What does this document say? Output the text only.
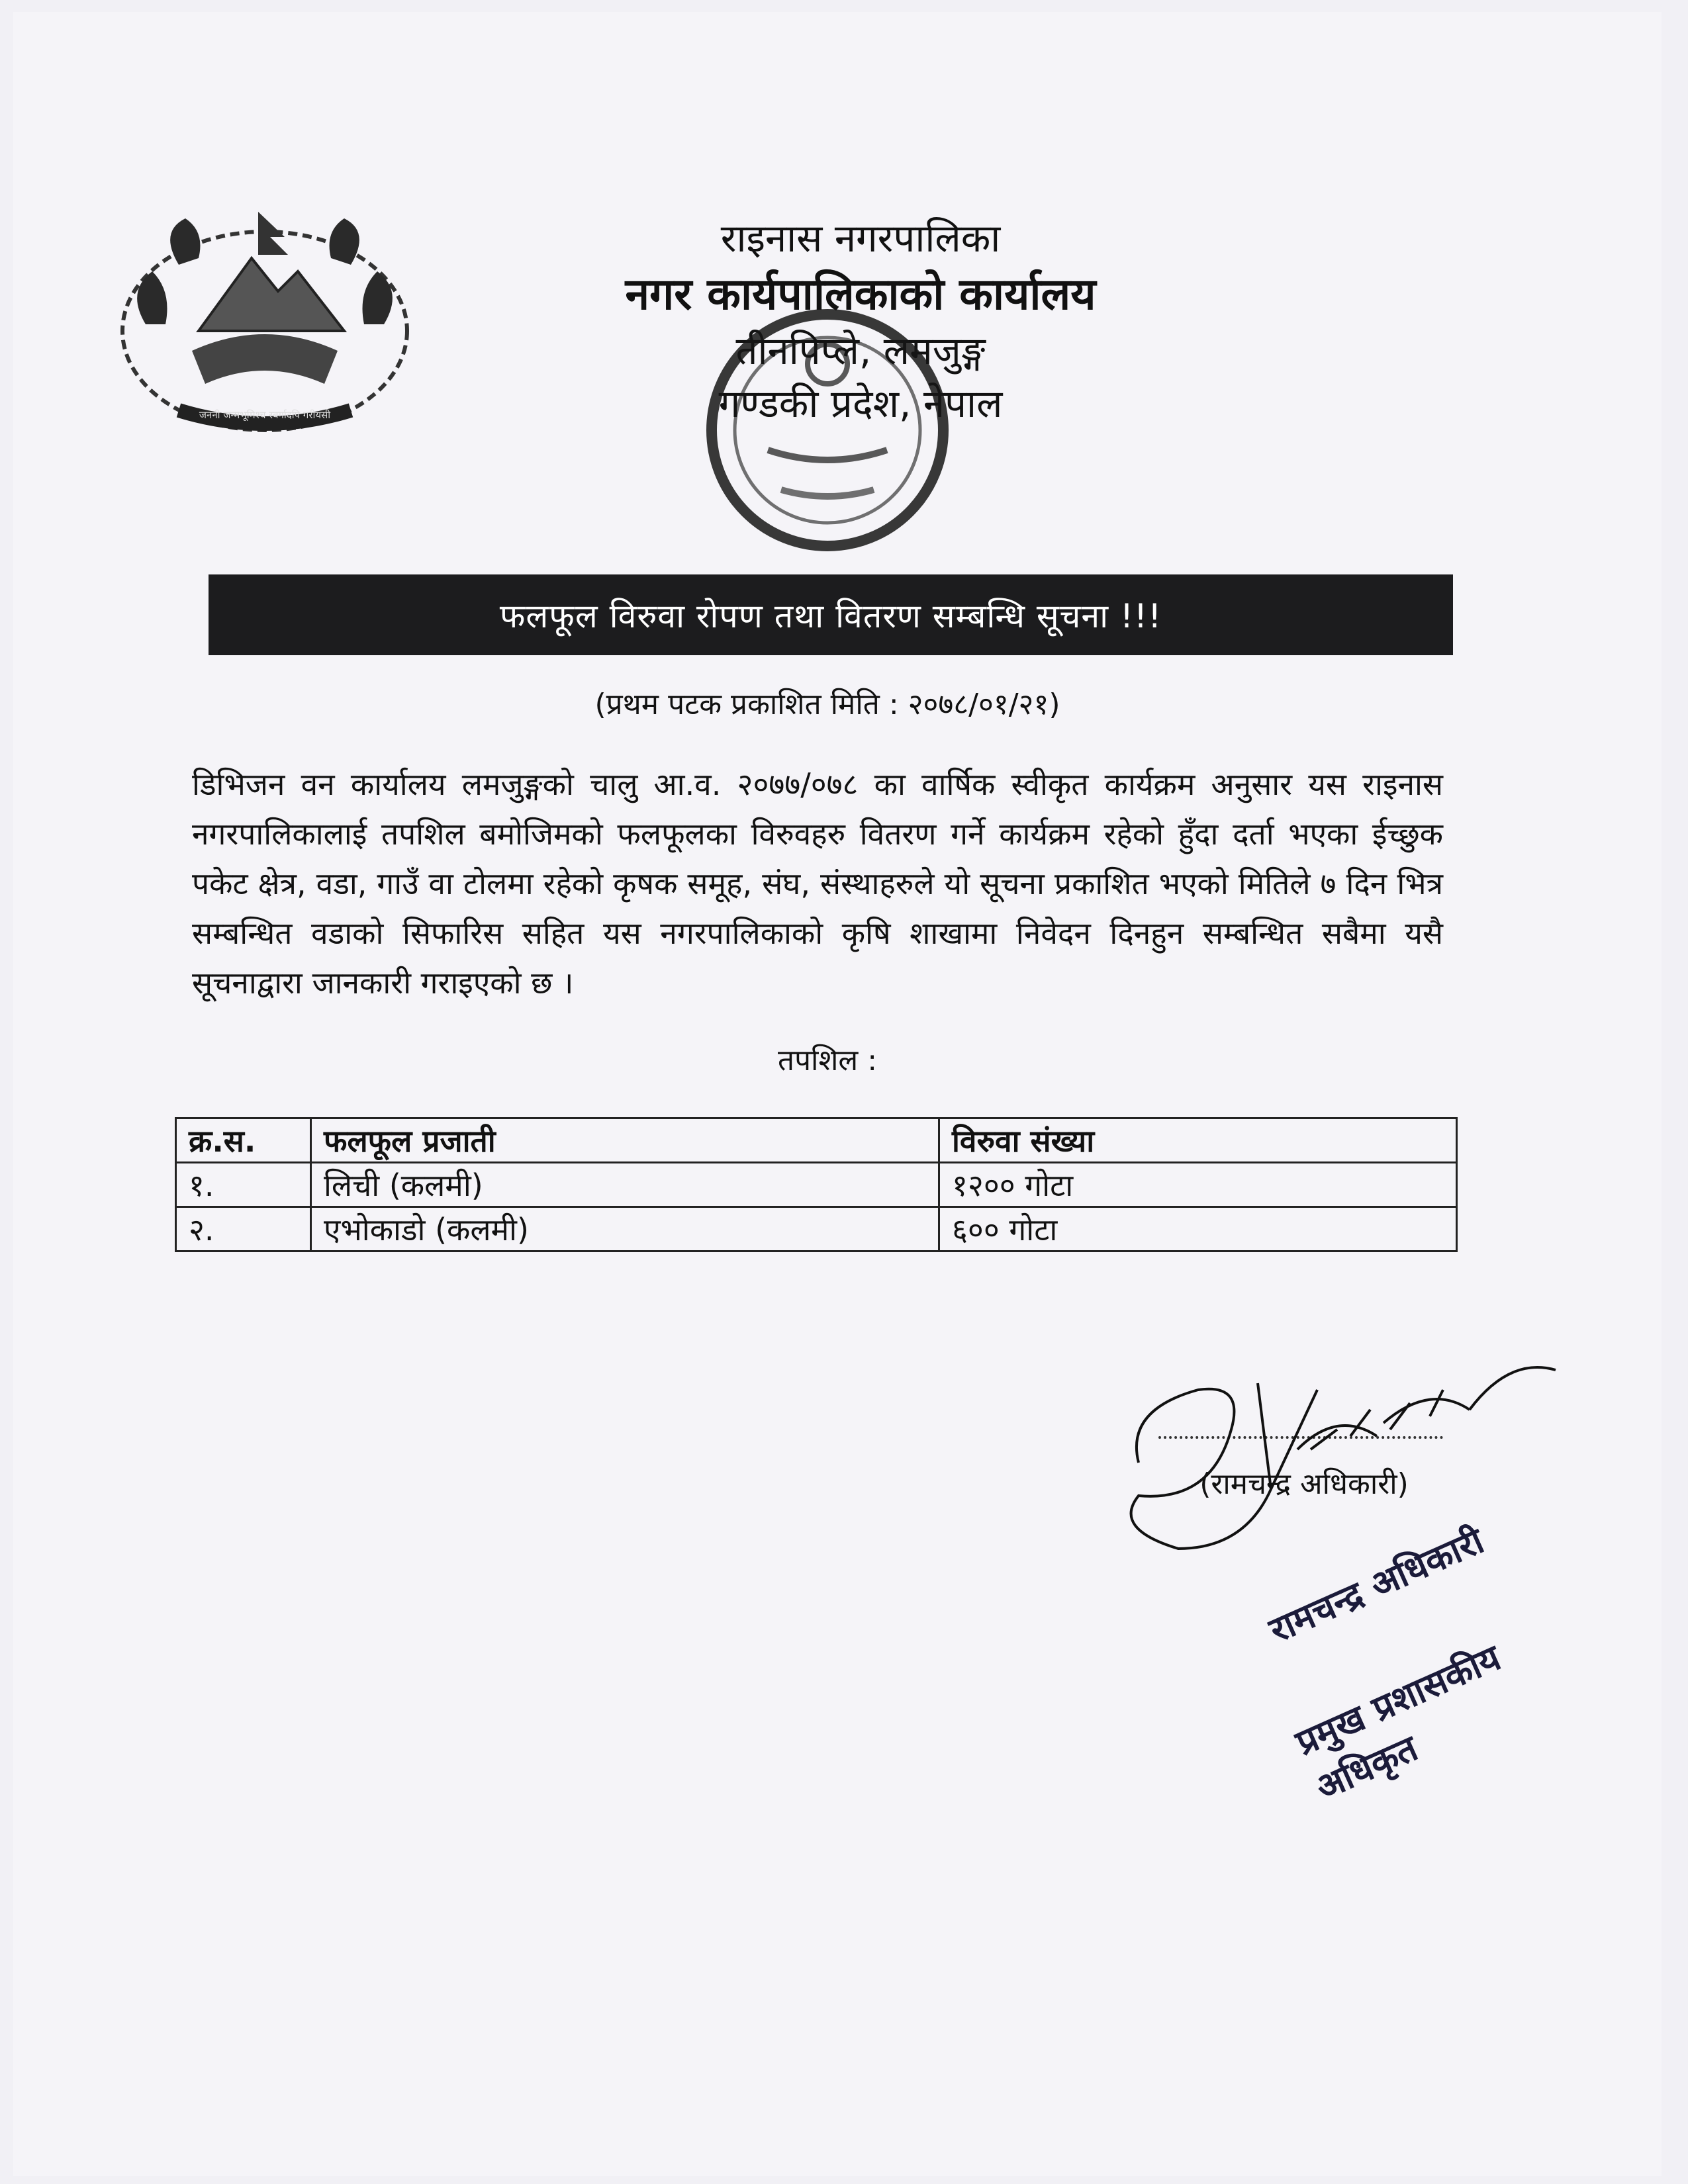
जननी जन्मभूमिश्च स्वर्गादपि गरीयसी
राइनास नगरपालिका
नगर कार्यपालिकाको कार्यालय
तीनपिप्ले, लमजुङ्ग
गण्डकी प्रदेश, नेपाल
फलफूल विरुवा रोपण तथा वितरण सम्बन्धि सूचना !!!
(प्रथम पटक प्रकाशित मिति : २०७८/०१/२१)
डिभिजन वन कार्यालय लमजुङ्गको चालु आ.व. २०७७/०७८ का वार्षिक स्वीकृत कार्यक्रम अनुसार यस राइनास नगरपालिकालाई तपशिल बमोजिमको फलफूलका विरुवहरु वितरण गर्ने कार्यक्रम रहेको हुँदा दर्ता भएका ईच्छुक पकेट क्षेत्र, वडा, गाउँ वा टोलमा रहेको कृषक समूह, संघ, संस्थाहरुले यो सूचना प्रकाशित भएको मितिले ७ दिन भित्र सम्बन्धित वडाको सिफारिस सहित यस नगरपालिकाको कृषि शाखामा निवेदन दिनहुन सम्बन्धित सबैमा यसै सूचनाद्वारा जानकारी गराइएको छ ।
तपशिल :
क्र.स.	फलफूल प्रजाती	विरुवा संख्या
१.	लिची (कलमी)	१२०० गोटा
२.	एभोकाडो (कलमी)	६०० गोटा
(रामचन्द्र अधिकारी)
रामचन्द्र अधिकारी
प्रमुख प्रशासकीय अधिकृत
